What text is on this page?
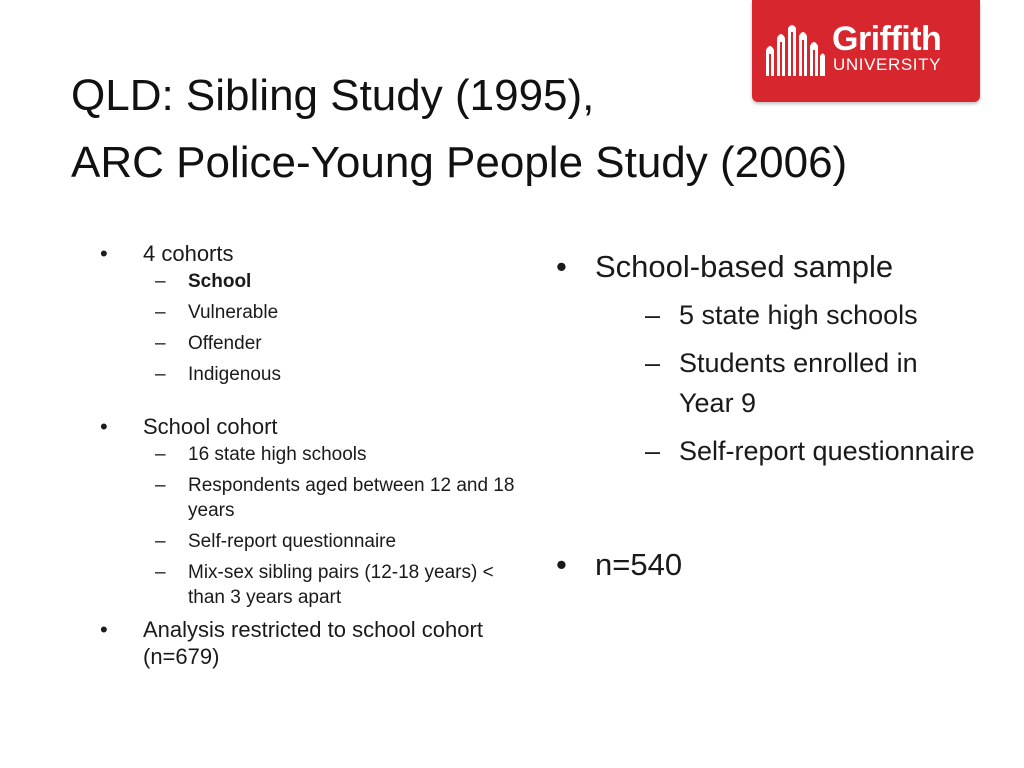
Griffith
UNIVERSITY
QLD: Sibling Study (1995),
ARC Police-Young People Study (2006)
•	4 cohorts
– School
– Vulnerable
– Offender
– Indigenous
•	School cohort
– 16 state high schools
– Respondents aged between 12 and 18 years
– Self-report questionnaire
– Mix-sex sibling pairs (12-18 years) < than 3 years apart
•	Analysis restricted to school cohort (n=679)
• School-based sample
– 5 state high schools
– Students enrolled in Year 9
– Self-report questionnaire
• n=540
